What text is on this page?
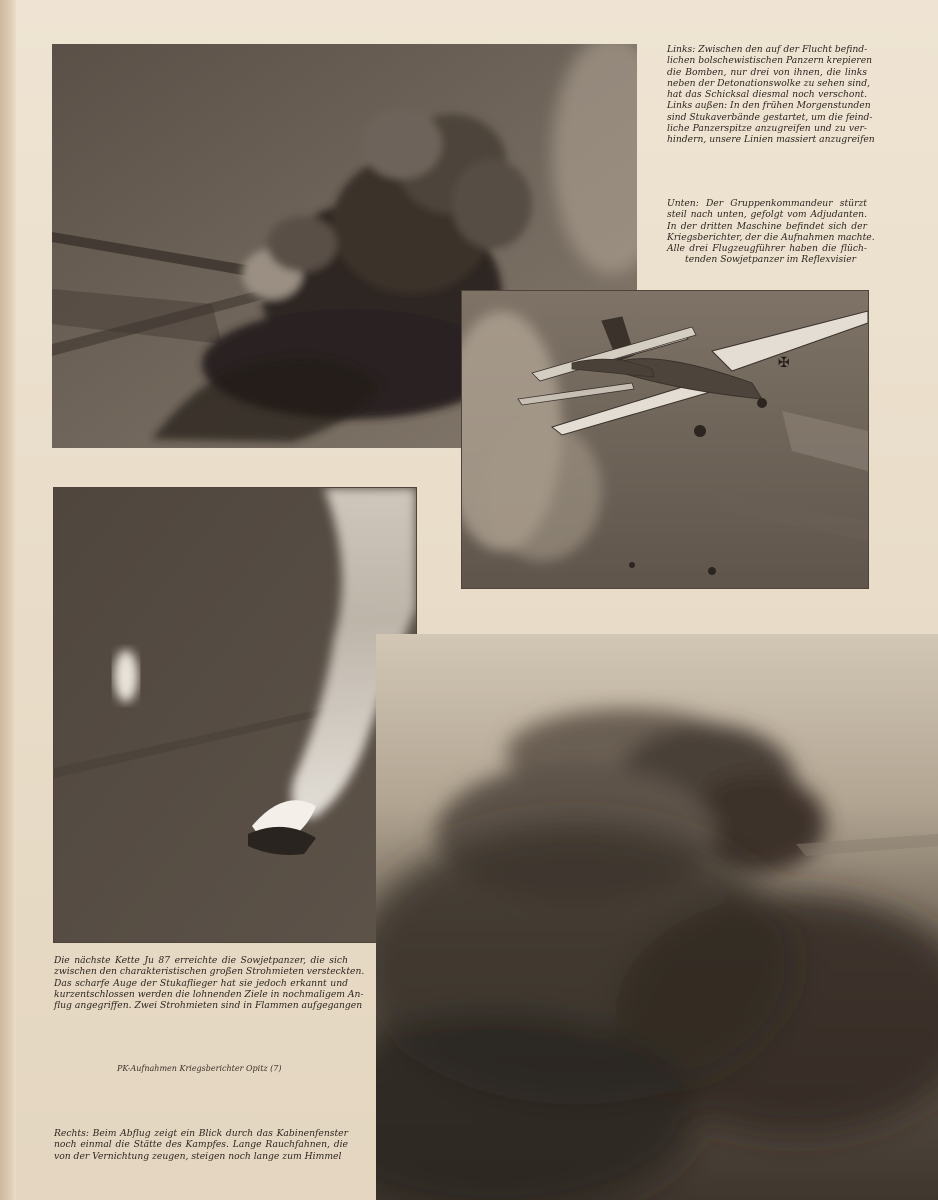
Links: Zwischen den auf der Flucht befind-
lichen bolschewistischen Panzern krepieren
die Bomben, nur drei von ihnen, die links
neben der Detonationswolke zu sehen sind,
hat das Schicksal diesmal noch verschont.
Links außen: In den frühen Morgenstunden
sind Stukaverbände gestartet, um die feind-
liche Panzerspitze anzugreifen und zu ver-
hindern, unsere Linien massiert anzugreifen
Unten: Der Gruppenkommandeur stürzt
steil nach unten, gefolgt vom Adjudanten.
In der dritten Maschine befindet sich der
Kriegsberichter, der die Aufnahmen machte.
Alle drei Flugzeugführer haben die flüch-
tenden Sowjetpanzer im Reflexvisier
✠
Die nächste Kette Ju 87 erreichte die Sowjetpanzer, die sich
zwischen den charakteristischen großen Strohmieten versteckten.
Das scharfe Auge der Stukaflieger hat sie jedoch erkannt und
kurzentschlossen werden die lohnenden Ziele in nochmaligem An-
flug angegriffen. Zwei Strohmieten sind in Flammen aufgegangen
PK-Aufnahmen Kriegsberichter Opitz (7)
Rechts: Beim Abflug zeigt ein Blick durch das Kabinenfenster
noch einmal die Stätte des Kampfes. Lange Rauchfahnen, die
von der Vernichtung zeugen, steigen noch lange zum Himmel
